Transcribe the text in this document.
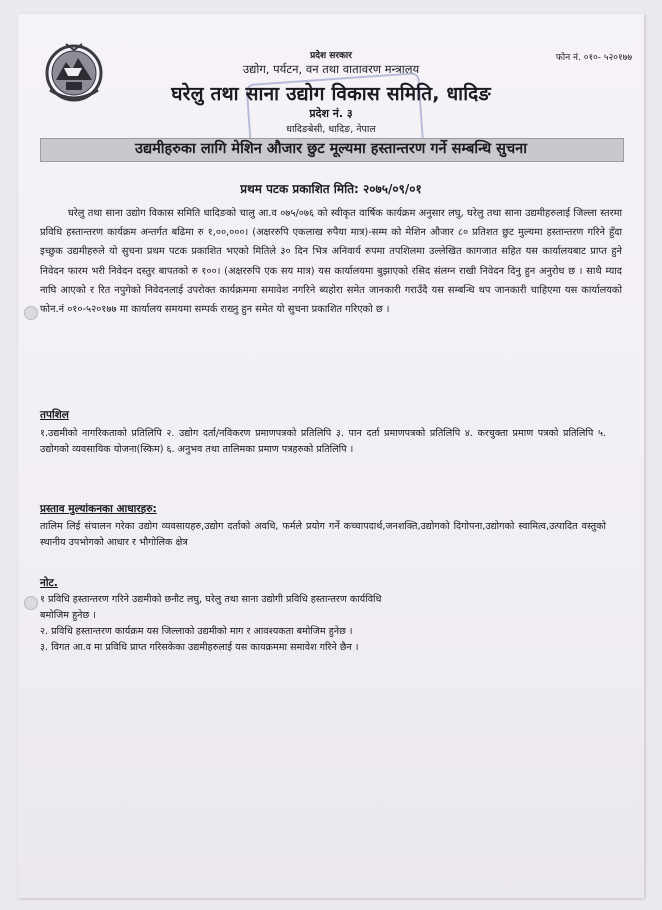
प्रदेश सरकार	फोन नं. ०१०- ५२०१७७
उद्योग, पर्यटन, वन तथा वातावरण मन्त्रालय
घरेलु तथा साना उद्योग विकास समिति, धादिङ
प्रदेश नं. ३
धादिङबेसी, धादिङ, नेपाल
उद्यमीहरुका लागि मेशिन औजार छुट मूल्यमा हस्तान्तरण गर्ने सम्बन्धि सुचना
प्रथम पटक प्रकाशित मिति: २०७५/०९/०१
घरेलु तथा साना उद्योग विकास समिति धादिङको चालु आ.व ०७५/०७६ को स्वीकृत वार्षिक कार्यक्रम अनुसार लघु, घरेलु तथा साना उद्यमीहरुलाई जिल्ला स्तरमा प्रविधि हस्तान्तरण कार्यक्रम अन्तर्गत बढिमा रु १,००,०००। (अक्षररुपि एकलाख रुपैया मात्र)-सम्म को मेशिन औजार ८० प्रतिशत छुट मुल्यमा हस्तान्तरण गरिने हुँदा इच्छुक उद्यमीहरुले यो सुचना प्रथम पटक प्रकाशित भएको मितिले ३० दिन भित्र अनिवार्य रुपमा तपशिलमा उल्लेखित कागजात सहित यस कार्यालयबाट प्राप्त हुने निवेदन फारम भरी निवेदन दस्तुर बापतको रु १००। (अक्षररुपि एक सय मात्र) यस कार्यालयमा बुझाएको रसिद संलग्न राखी निवेदन दिनु हुन अनुरोध छ । साथै म्याद नाघि आएको र रित नपुगेको निवेदनलाई उपरोक्त कार्यक्रममा समावेश नगरिने ब्यहोरा समेत जानकारी गराउँदै यस सम्बन्धि थप जानकारी चाहिएमा यस कार्यालयको फोन.नं ०१०-५२०१७७ मा कार्यालय समयमा सम्पर्क राख्नु हुन समेत यो सुचना प्रकाशित गरिएको छ ।
तपशिल
१.उद्यमीको नागरिकताको प्रतिलिपि २. उद्योग दर्ता/नविकरण प्रमाणपत्रको प्रतिलिपि ३. पान दर्ता प्रमाणपत्रको प्रतिलिपि ४. करचुक्ता प्रमाण पत्रको प्रतिलिपि ५. उद्योगको व्यवसायिक योजना(स्किम) ६. अनुभव तथा तालिमका प्रमाण पत्रहरुको प्रतिलिपि ।
प्रस्ताव मुल्यांकनका आधारहरु:
तालिम लिई संचालन गरेका उद्योग व्यवसायहरु,उद्योग दर्ताको अवधि, फर्मले प्रयोग गर्ने कच्चापदार्थ,जनशक्ति,उद्योगको दिगोपना,उद्योगको स्वामित्व,उत्पादित वस्तुको स्थानीय उपभोगको आधार र भौगोलिक क्षेत्र
नोट.
१ प्रविधि हस्तान्तरण गरिने उद्यमीको छनौट लघु, घरेलु तथा साना उद्योगी प्रविधि हस्तान्तरण कार्यविधि
बमोजिम हुनेछ ।
२. प्रविधि हस्तान्तरण कार्यक्रम यस जिल्लाको उद्यमीको माग र आवश्यकता बमोजिम हुनेछ ।
३. विगत आ.व मा प्रविधि प्राप्त गरिसकेका उद्यमीहरुलाई यस कायक्रममा समावेश गरिने छैन ।
